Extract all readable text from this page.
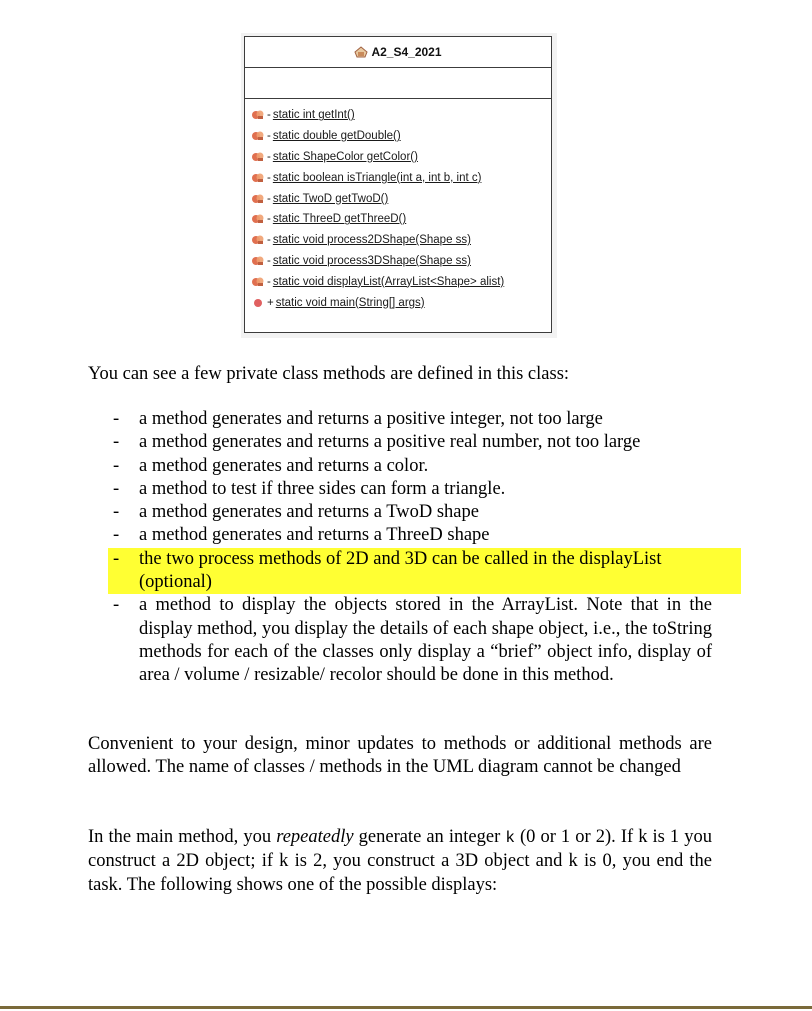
A2_S4_2021
- static int getInt()
- static double getDouble()
- static ShapeColor getColor()
- static boolean isTriangle(int a, int b, int c)
- static TwoD getTwoD()
- static ThreeD getThreeD()
- static void process2DShape(Shape ss)
- static void process3DShape(Shape ss)
- static void displayList(ArrayList<Shape> alist)
+ static void main(String[] args)

You can see a few private class methods are defined in this class:

- a method generates and returns a positive integer, not too large
- a method generates and returns a positive real number, not too large
- a method generates and returns a color.
- a method to test if three sides can form a triangle.
- a method generates and returns a TwoD shape
- a method generates and returns a ThreeD shape
- the two process methods of 2D and 3D can be called in the displayList
(optional)
- a method to display the objects stored in the ArrayList. Note that in the display method, you display the details of each shape object, i.e., the toString methods for each of the classes only display a “brief” object info, display of area / volume / resizable/ recolor should be done in this method.

Convenient to your design, minor updates to methods or additional methods are allowed. The name of classes / methods in the UML diagram cannot be changed

In the main method, you repeatedly generate an integer k (0 or 1 or 2). If k is 1 you construct a 2D object; if k is 2, you construct a 3D object and k is 0, you end the task. The following shows one of the possible displays:
